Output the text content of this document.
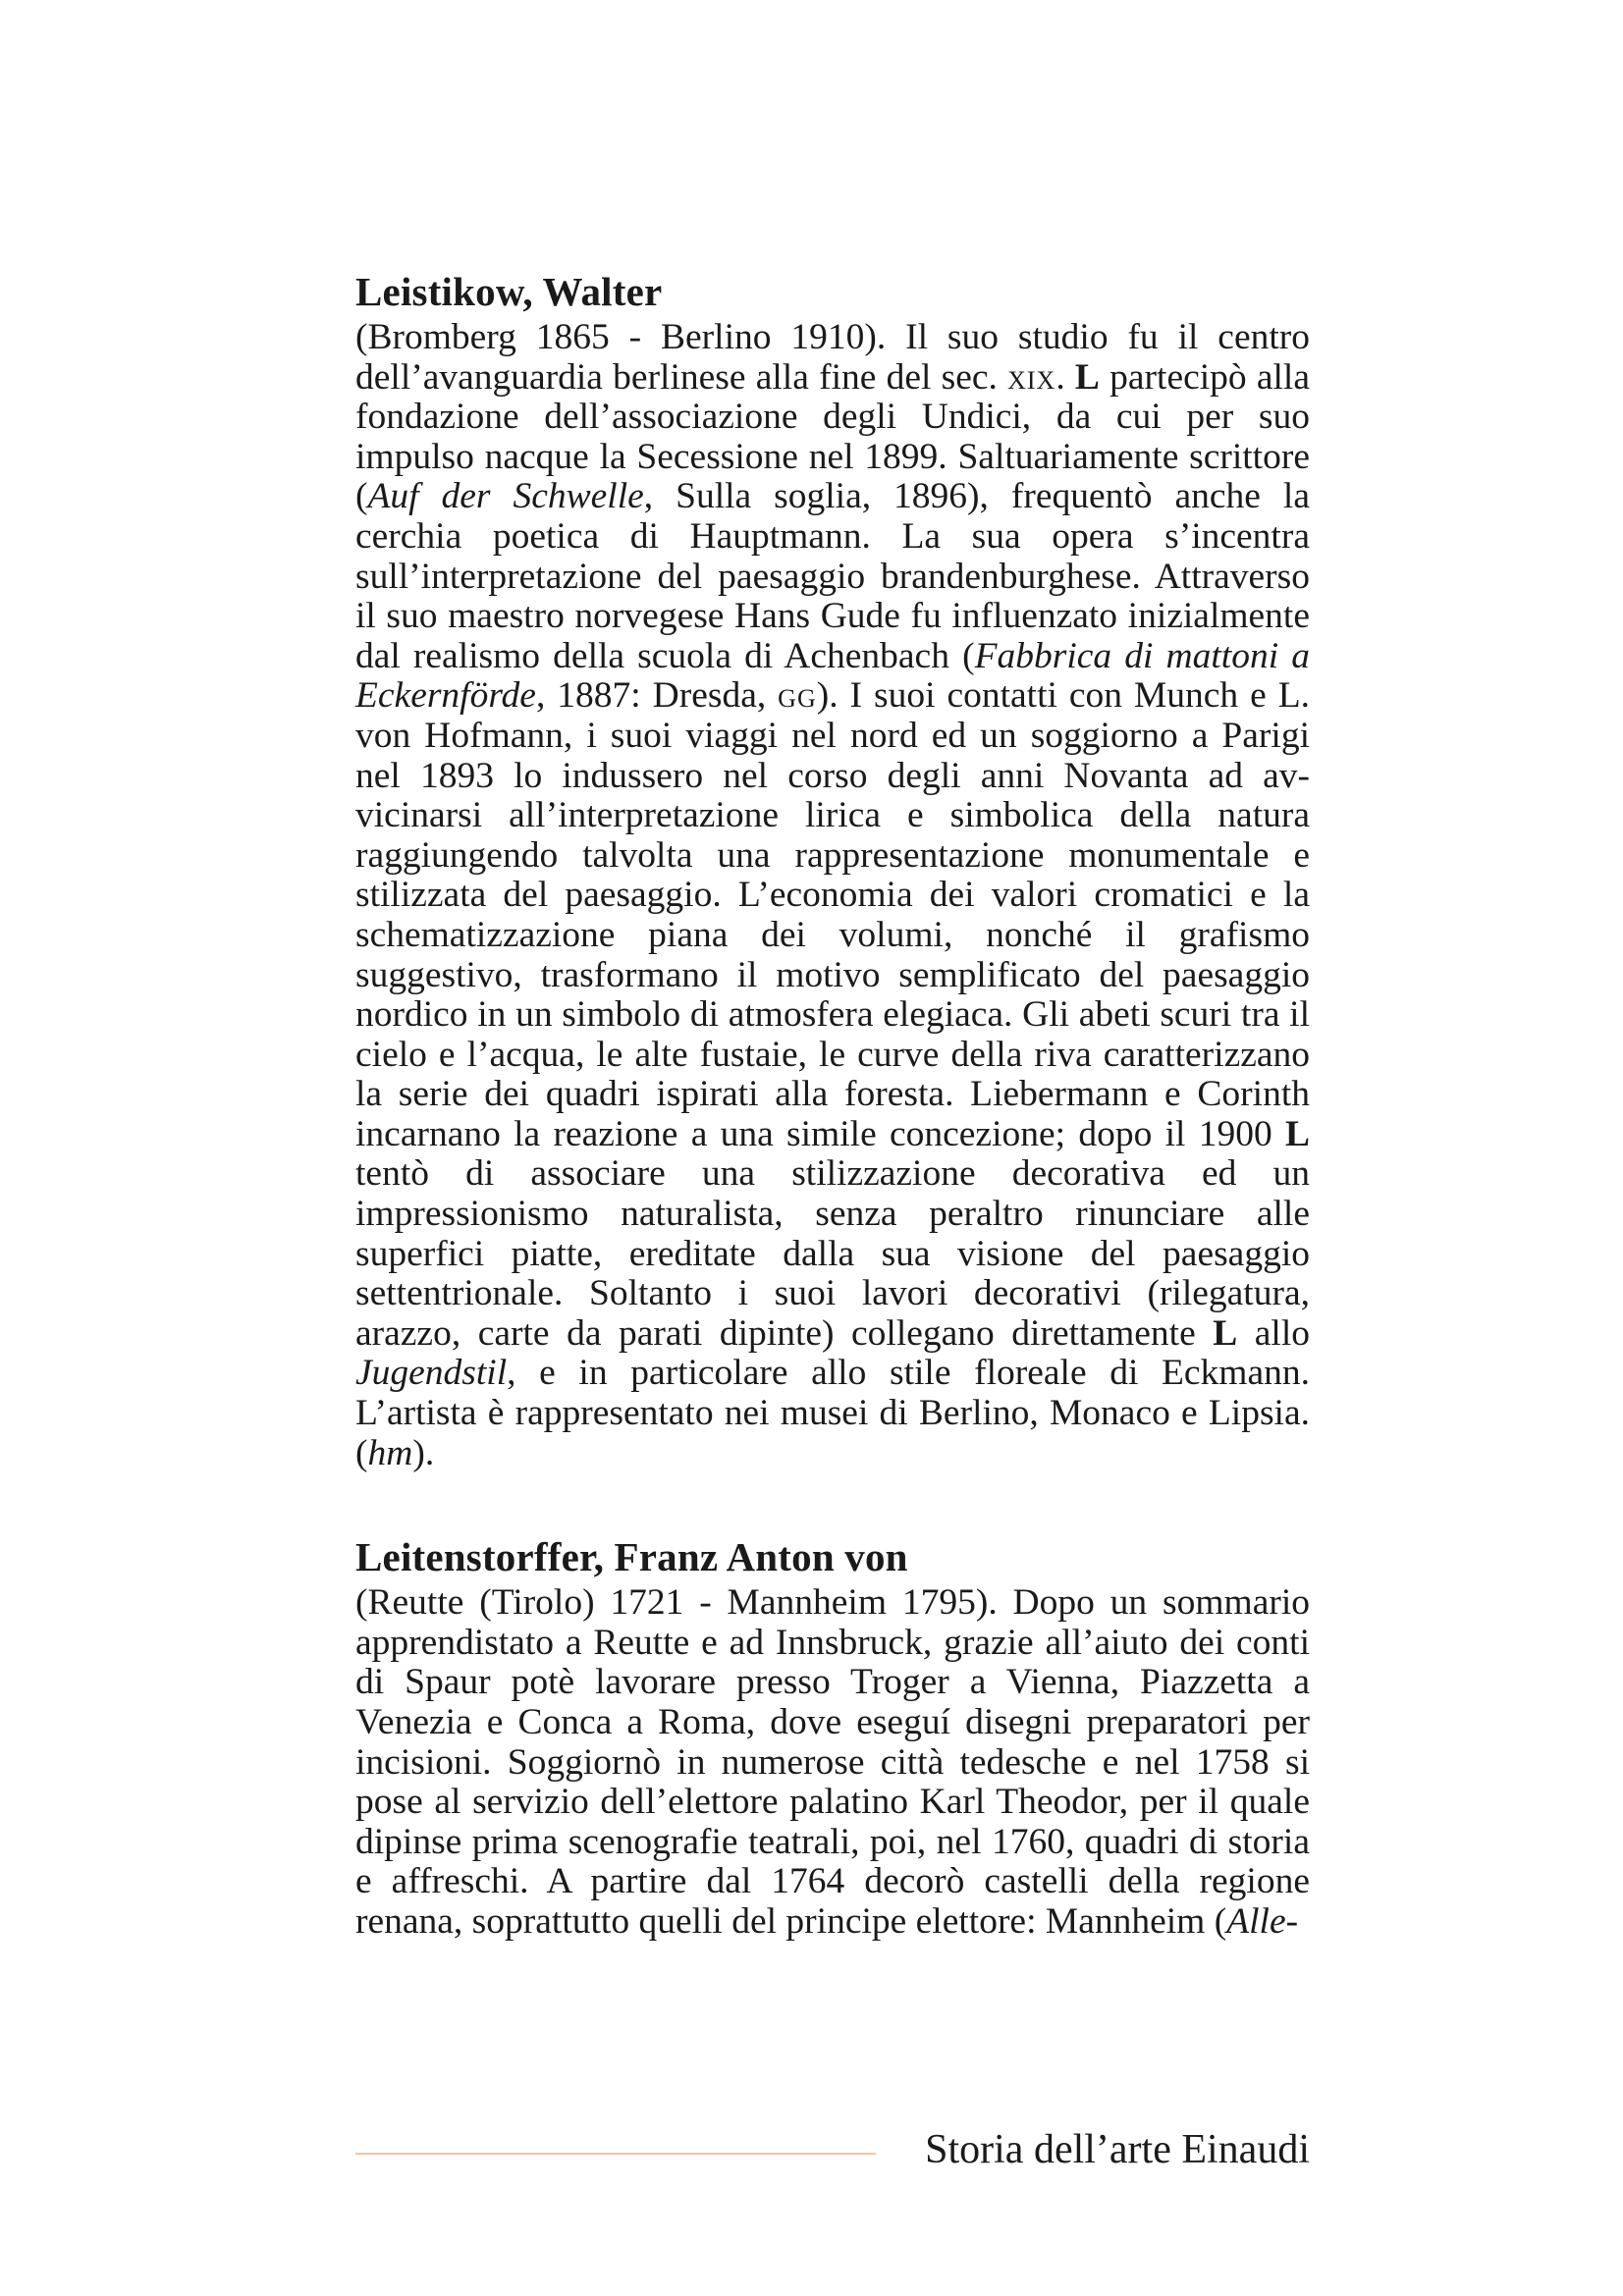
Leistikow, Walter

(Bromberg 1865 - Berlino 1910). Il suo studio fu il centro dell’avanguardia berlinese alla fine del sec. xix. L partecipò alla fondazione dell’associazione degli Undici, da cui per suo impulso nacque la Secessione nel 1899. Saltuariamente scrittore (Auf der Schwelle, Sulla soglia, 1896), frequentò anche la cerchia poetica di Hauptmann. La sua opera s’incentra sull’interpretazione del paesaggio brandenburghese. Attraverso il suo maestro norvegese Hans Gude fu influenzato inizialmente dal realismo della scuola di Achenbach (Fabbrica di mattoni a Eckernförde, 1887: Dresda, gg). I suoi contatti con Munch e L. von Hofmann, i suoi viaggi nel nord ed un soggiorno a Parigi nel 1893 lo indussero nel corso degli anni Novanta ad avvicinarsi all’interpretazione lirica e simbolica della natura raggiungendo talvolta una rappresentazione monumentale e stilizzata del paesaggio. L’economia dei valori cromatici e la schematizzazione piana dei volumi, nonché il grafismo suggestivo, trasformano il motivo semplificato del paesaggio nordico in un simbolo di atmosfera elegiaca. Gli abeti scuri tra il cielo e l’acqua, le alte fustaie, le curve della riva caratterizzano la serie dei quadri ispirati alla foresta. Liebermann e Corinth incarnano la reazione a una simile concezione; dopo il 1900 L tentò di associare una stilizzazione decorativa ed un impressionismo naturalista, senza peraltro rinunciare alle superfici piatte, ereditate dalla sua visione del paesaggio settentrionale. Soltanto i suoi lavori decorativi (rilegatura, arazzo, carte da parati dipinte) collegano direttamente L allo Jugendstil, e in particolare allo stile floreale di Eckmann. L’artista è rappresentato nei musei di Berlino, Monaco e Lipsia. (hm).

Leitenstorffer, Franz Anton von

(Reutte (Tirolo) 1721 - Mannheim 1795). Dopo un sommario apprendistato a Reutte e ad Innsbruck, grazie all’aiuto dei conti di Spaur potè lavorare presso Troger a Vienna, Piazzetta a Venezia e Conca a Roma, dove eseguí disegni preparatori per incisioni. Soggiornò in numerose città tedesche e nel 1758 si pose al servizio dell’elettore palatino Karl Theodor, per il quale dipinse prima scenografie teatrali, poi, nel 1760, quadri di storia e affreschi. A partire dal 1764 decorò castelli della regione renana, soprattutto quelli del principe elettore: Mannheim (Alle-

Storia dell’arte Einaudi
